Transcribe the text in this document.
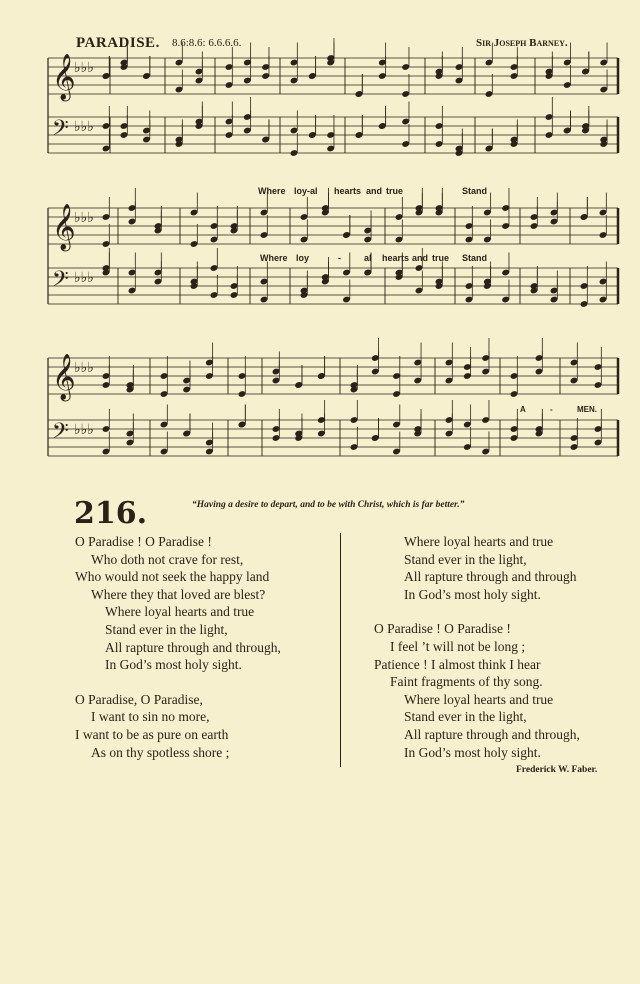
PARADISE. 8.6:8.6: 6.6.6.6.	Sir Joseph Barney.
𝄞
♭♭♭
𝄢 ♭♭♭
𝄞
♭♭♭
𝄢 ♭♭♭
𝄞
♭♭♭
𝄢 ♭♭♭
Where loy-al hearts and true	Stand
Where loy	-	al hearts and true Stand
A	-	MEN.
216.	“Having a desire to depart, and to be with Christ, which is far better.”
O Paradise ! O Paradise !
Who doth not crave for rest,
Who would not seek the happy land
Where they that loved are blest?
Where loyal hearts and true
Stand ever in the light,
All rapture through and through,
In God’s most holy sight.
O Paradise, O Paradise,
I want to sin no more,
I want to be as pure on earth
As on thy spotless shore ;
Where loyal hearts and true
Stand ever in the light,
All rapture through and through
In God’s most holy sight.
O Paradise ! O Paradise !
I feel ’t will not be long ;
Patience ! I almost think I hear
Faint fragments of thy song.
Where loyal hearts and true
Stand ever in the light,
All rapture through and through,
In God’s most holy sight.
Frederick W. Faber.
